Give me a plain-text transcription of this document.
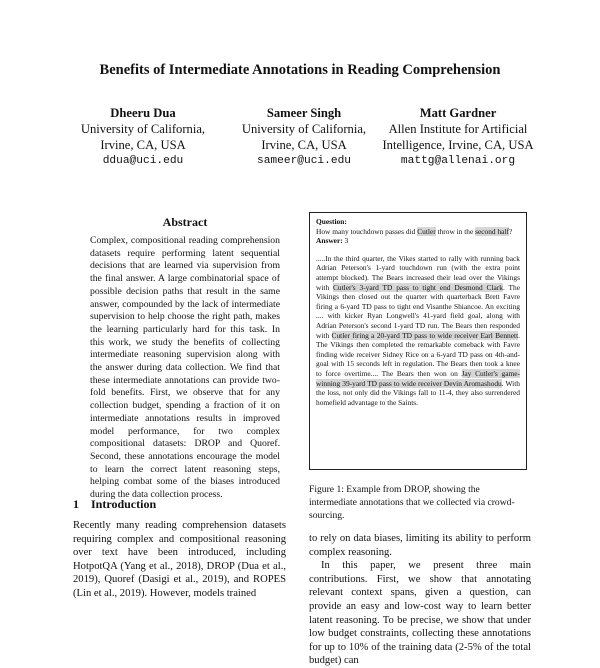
Benefits of Intermediate Annotations in Reading Comprehension
Dheeru Dua
University of California,
Irvine, CA, USA
ddua@uci.edu
Sameer Singh
University of California,
Irvine, CA, USA
sameer@uci.edu
Matt Gardner
Allen Institute for Artificial
Intelligence, Irvine, CA, USA
mattg@allenai.org
Abstract
Complex, compositional reading comprehension datasets require performing latent sequential decisions that are learned via supervision from the final answer. A large combinatorial space of possible decision paths that result in the same answer, compounded by the lack of intermediate supervision to help choose the right path, makes the learning particularly hard for this task. In this work, we study the benefits of collecting intermediate reasoning supervision along with the answer during data collection. We find that these intermediate annotations can provide two-fold benefits. First, we observe that for any collection budget, spending a fraction of it on intermediate annotations results in improved model performance, for two complex compositional datasets: DROP and Quoref. Second, these annotations encourage the model to learn the correct latent reasoning steps, helping combat some of the biases introduced during the data collection process.
1 Introduction
Recently many reading comprehension datasets requiring complex and compositional reasoning over text have been introduced, including HotpotQA (Yang et al., 2018), DROP (Dua et al., 2019), Quoref (Dasigi et al., 2019), and ROPES (Lin et al., 2019). However, models trained
Question:
How many touchdown passes did Cutler throw in the second half?
Answer: 3
.....In the third quarter, the Vikes started to rally with running back Adrian Peterson's 1-yard touchdown run (with the extra point attempt blocked). The Bears increased their lead over the Vikings with Cutler's 3-yard TD pass to tight end Desmond Clark. The Vikings then closed out the quarter with quarterback Brett Favre firing a 6-yard TD pass to tight end Visanthe Shiancoe. An exciting .... with kicker Ryan Longwell's 41-yard field goal, along with Adrian Peterson's second 1-yard TD run. The Bears then responded with Cutler firing a 20-yard TD pass to wide receiver Earl Bennett. The Vikings then completed the remarkable comeback with Favre finding wide receiver Sidney Rice on a 6-yard TD pass on 4th-and-goal with 15 seconds left in regulation. The Bears then took a knee to force overtime.... The Bears then won on Jay Cutler's game-winning 39-yard TD pass to wide receiver Devin Aromashodu. With the loss, not only did the Vikings fall to 11-4, they also surrendered homefield advantage to the Saints.
Figure 1: Example from DROP, showing the intermediate annotations that we collected via crowd-sourcing.

to rely on data biases, limiting its ability to perform complex reasoning.

In this paper, we present three main contributions. First, we show that annotating relevant context spans, given a question, can provide an easy and low-cost way to learn better latent reasoning. To be precise, we show that under low budget constraints, collecting these annotations for up to 10% of the training data (2-5% of the total budget) can
